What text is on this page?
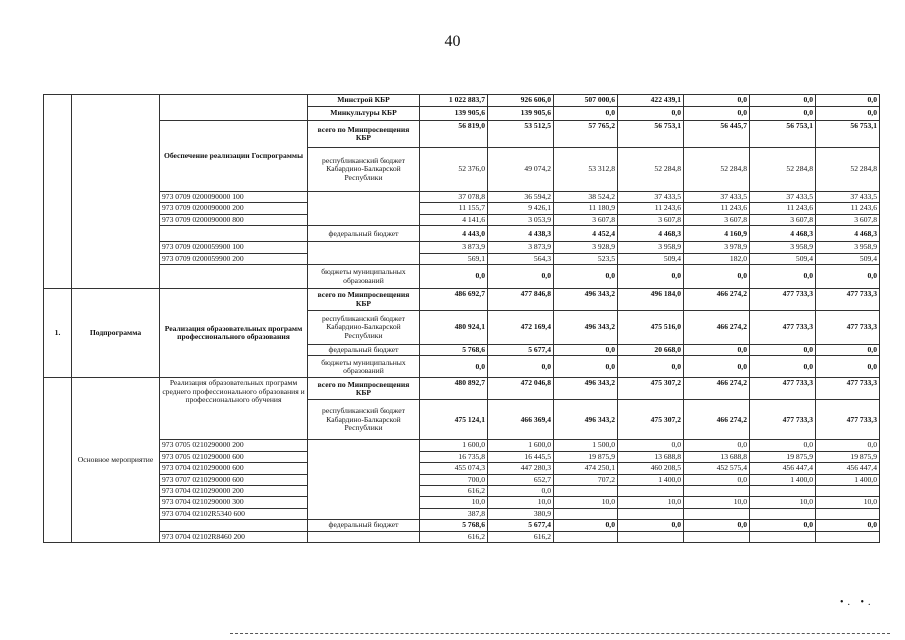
40
			Минстрой КБР	1 022 883,7	926 606,0	507 000,6	422 439,1	0,0	0,0	0,0
			Минкультуры КБР	139 905,6	139 905,6	0,0	0,0	0,0	0,0	0,0
		Обеспечение реализации Госпрограммы	всего по Минпросвещения КБР	56 819,0	53 512,5	57 765,2	56 753,1	56 445,7	56 753,1	56 753,1
			республиканский бюджет Кабардино-Балкарской Республики	52 376,0	49 074,2	53 312,8	52 284,8	52 284,8	52 284,8	52 284,8
		973 0709 0200090000 100		37 078,8	36 594,2	38 524,2	37 433,5	37 433,5	37 433,5	37 433,5
		973 0709 0200090000 200		11 155,7	9 426,1	11 180,9	11 243,6	11 243,6	11 243,6	11 243,6
		973 0709 0200090000 800		4 141,6	3 053,9	3 607,8	3 607,8	3 607,8	3 607,8	3 607,8
			федеральный бюджет	4 443,0	4 438,3	4 452,4	4 468,3	4 160,9	4 468,3	4 468,3
		973 0709 0200059900 100		3 873,9	3 873,9	3 928,9	3 958,9	3 978,9	3 958,9	3 958,9
		973 0709 0200059900 200		569,1	564,3	523,5	509,4	182,0	509,4	509,4
			бюджеты муниципальных образований	0,0	0,0	0,0	0,0	0,0	0,0	0,0
1.	Подпрограмма	Реализация образовательных программ профессионального образования	всего по Минпросвещения КБР	486 692,7	477 846,8	496 343,2	496 184,0	466 274,2	477 733,3	477 733,3
			республиканский бюджет Кабардино-Балкарской Республики	480 924,1	472 169,4	496 343,2	475 516,0	466 274,2	477 733,3	477 733,3
			федеральный бюджет	5 768,6	5 677,4	0,0	20 668,0	0,0	0,0	0,0
			бюджеты муниципальных образований	0,0	0,0	0,0	0,0	0,0	0,0	0,0
	Основное мероприятие	Реализация образовательных программ среднего профессионального образования и профессионального обучения	всего по Минпросвещения КБР	480 892,7	472 046,8	496 343,2	475 307,2	466 274,2	477 733,3	477 733,3
			республиканский бюджет Кабардино-Балкарской Республики	475 124,1	466 369,4	496 343,2	475 307,2	466 274,2	477 733,3	477 733,3
		973 0705 0210290000 200		1 600,0	1 600,0	1 500,0	0,0	0,0	0,0	0,0
		973 0705 0210290000 600		16 735,8	16 445,5	19 875,9	13 688,8	13 688,8	19 875,9	19 875,9
		973 0704 0210290000 600		455 074,3	447 280,3	474 250,1	460 208,5	452 575,4	456 447,4	456 447,4
		973 0707 0210290000 600		700,0	652,7	707,2	1 400,0	0,0	1 400,0	1 400,0
		973 0704 0210290000 200		616,2	0,0					
		973 0704 0210290000 300		10,0	10,0	10,0	10,0	10,0	10,0	10,0
		973 0704 02102R5340 600		387,8	380,9					
			федеральный бюджет	5 768,6	5 677,4	0,0	0,0	0,0	0,0	0,0
		973 0704 02102R8460 200		616,2	616,2					
•. •.
